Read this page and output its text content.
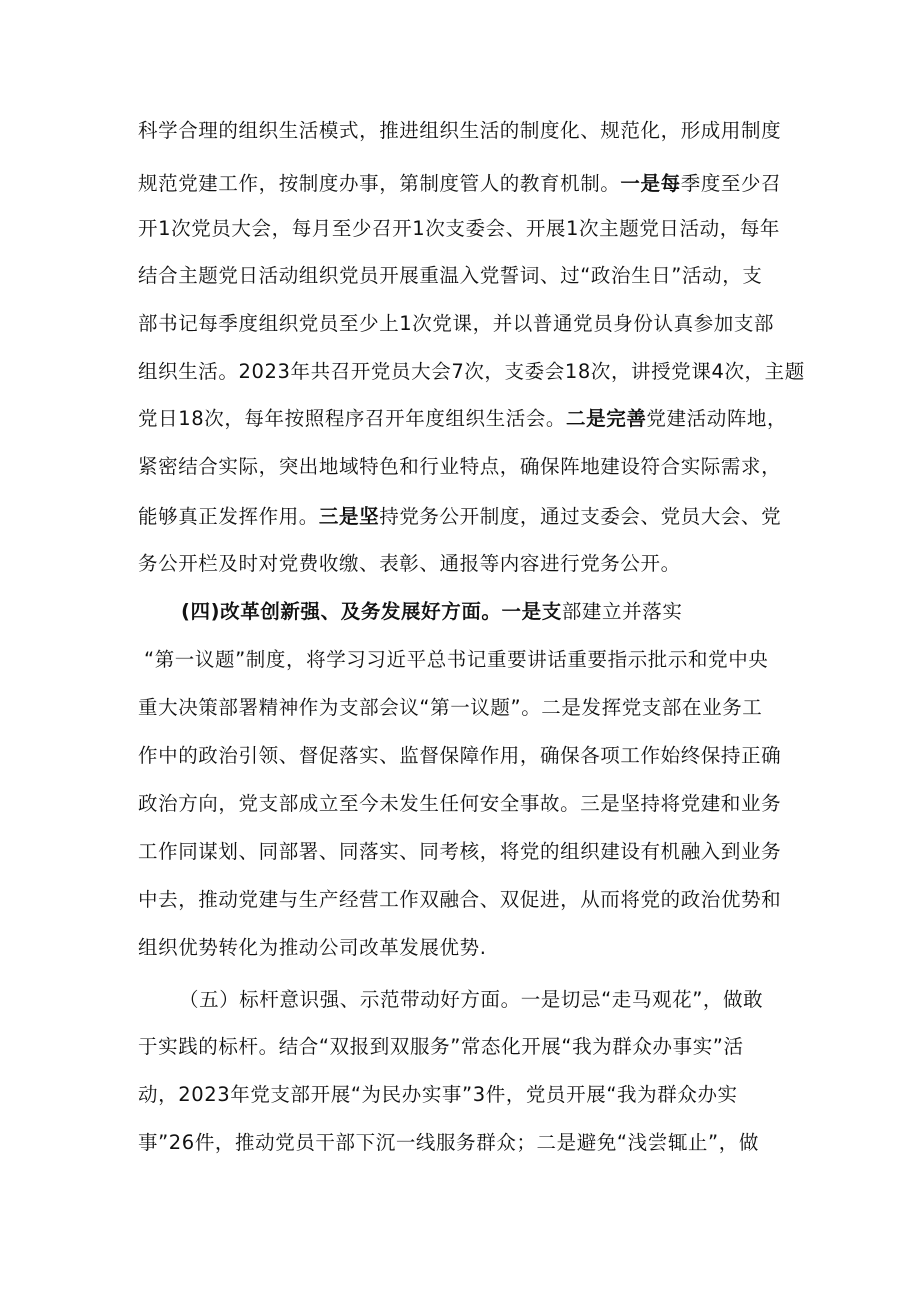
科学合理的组织生活模式，推进组织生活的制度化、规范化，形成用制度
规范党建工作，按制度办事，第制度管人的教育机制。一是每季度至少召
开1次党员大会，每月至少召开1次支委会、开展1次主题党日活动，每年
结合主题党日活动组织党员开展重温入党誓词、过“政治生日”活动，支
部书记每季度组织党员至少上1次党课，并以普通党员身份认真参加支部
组织生活。2023年共召开党员大会7次，支委会18次，讲授党课4次，主题
党日18次，每年按照程序召开年度组织生活会。二是完善党建活动阵地，
紧密结合实际，突出地域特色和行业特点，确保阵地建设符合实际需求，
能够真正发挥作用。三是坚持党务公开制度，通过支委会、党员大会、党
务公开栏及时对党费收缴、表彰、通报等内容进行党务公开。
(四)改革创新强、及务发展好方面。一是支部建立并落实
“第一议题”制度，将学习习近平总书记重要讲话重要指示批示和党中央
重大决策部署精神作为支部会议“第一议题”。二是发挥党支部在业务工
作中的政治引领、督促落实、监督保障作用，确保各项工作始终保持正确
政治方向，党支部成立至今未发生任何安全事故。三是坚持将党建和业务
工作同谋划、同部署、同落实、同考核，将党的组织建设有机融入到业务
中去，推动党建与生产经营工作双融合、双促进，从而将党的政治优势和
组织优势转化为推动公司改革发展优势.
（五）标杆意识强、示范带动好方面。一是切忌“走马观花”，做敢
于实践的标杆。结合“双报到双服务”常态化开展“我为群众办事实”活
动，2023年党支部开展“为民办实事”3件，党员开展“我为群众办实
事”26件，推动党员干部下沉一线服务群众；二是避免“浅尝辄止”，做
